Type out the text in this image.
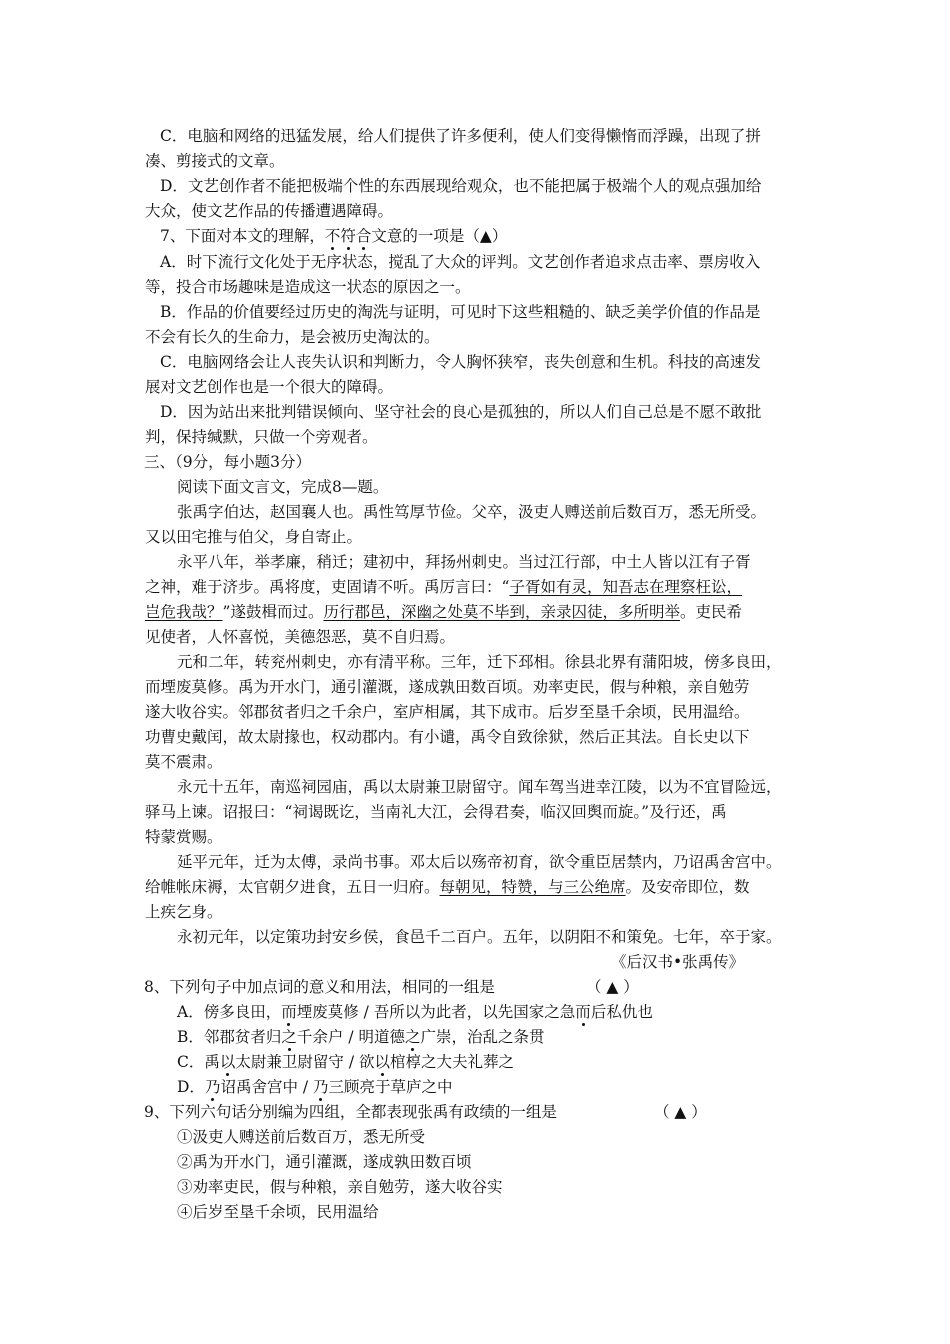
C．电脑和网络的迅猛发展，给人们提供了许多便利，使人们变得懒惰而浮躁，出现了拼
凑、剪接式的文章。
D．文艺创作者不能把极端个性的东西展现给观众，也不能把属于极端个人的观点强加给
大众，使文艺作品的传播遭遇障碍。
7、下面对本文的理解，不符合文意的一项是（▲）
A．时下流行文化处于无序状态，搅乱了大众的评判。文艺创作者追求点击率、票房收入
等，投合市场趣味是造成这一状态的原因之一。
B．作品的价值要经过历史的淘洗与证明，可见时下这些粗糙的、缺乏美学价值的作品是
不会有长久的生命力，是会被历史淘汰的。
C．电脑网络会让人丧失认识和判断力，令人胸怀狭窄，丧失创意和生机。科技的高速发
展对文艺创作也是一个很大的障碍。
D．因为站出来批判错误倾向、坚守社会的良心是孤独的，所以人们自己总是不愿不敢批
判，保持缄默，只做一个旁观者。
三、（9分，每小题3分）
阅读下面文言文，完成8—题。
张禹字伯达，赵国襄人也。禹性笃厚节俭。父卒，汲吏人赙送前后数百万，悉无所受。
又以田宅推与伯父，身自寄止。
永平八年，举孝廉，稍迁；建初中，拜扬州刺史。当过江行部，中土人皆以江有子胥
之神，难于济步。禹将度，吏固请不听。禹厉言曰：“子胥如有灵，知吾志在理察枉讼，
岂危我哉？”遂鼓楫而过。历行郡邑，深幽之处莫不毕到，亲录囚徒，多所明举。吏民希
见使者，人怀喜悦，美德怨恶，莫不自归焉。
元和二年，转兖州刺史，亦有清平称。三年，迁下邳相。徐县北界有蒲阳坡，傍多良田，
而堙废莫修。禹为开水门，通引灌溉，遂成孰田数百顷。劝率吏民，假与种粮，亲自勉劳
遂大收谷实。邻郡贫者归之千余户，室庐相属，其下成市。后岁至垦千余顷，民用温给。
功曹史戴闰，故太尉掾也，权动郡内。有小谴，禹令自致徐狱，然后正其法。自长史以下
莫不震肃。
永元十五年，南巡祠园庙，禹以太尉兼卫尉留守。闻车驾当进幸江陵，以为不宜冒险远，
驿马上谏。诏报曰：“祠谒既讫，当南礼大江，会得君奏，临汉回舆而旋。”及行还，禹
特蒙赏赐。
延平元年，迁为太傅，录尚书事。邓太后以殇帝初育，欲令重臣居禁内，乃诏禹舍宫中。
给帷帐床褥，太官朝夕进食，五日一归府。每朝见，特赞，与三公绝席。及安帝即位，数
上疾乞身。
永初元年，以定策功封安乡侯，食邑千二百户。五年，以阴阳不和策免。七年，卒于家。
《后汉书•张禹传》
8、下列句子中加点词的意义和用法，相同的一组是	（ ▲ ）
A．傍多良田，而堙废莫修 / 吾所以为此者，以先国家之急而后私仇也
B．邻郡贫者归之千余户 / 明道德之广崇，治乱之条贯
C．禹以太尉兼卫尉留守 / 欲以棺椁之大夫礼葬之
D．乃诏禹舍宫中 / 乃三顾亮于草庐之中
9、下列六句话分别编为四组，全都表现张禹有政绩的一组是	（ ▲ ）
①汲吏人赙送前后数百万，悉无所受
②禹为开水门，通引灌溉，遂成孰田数百顷
③劝率吏民，假与种粮，亲自勉劳，遂大收谷实
④后岁至垦千余顷，民用温给
